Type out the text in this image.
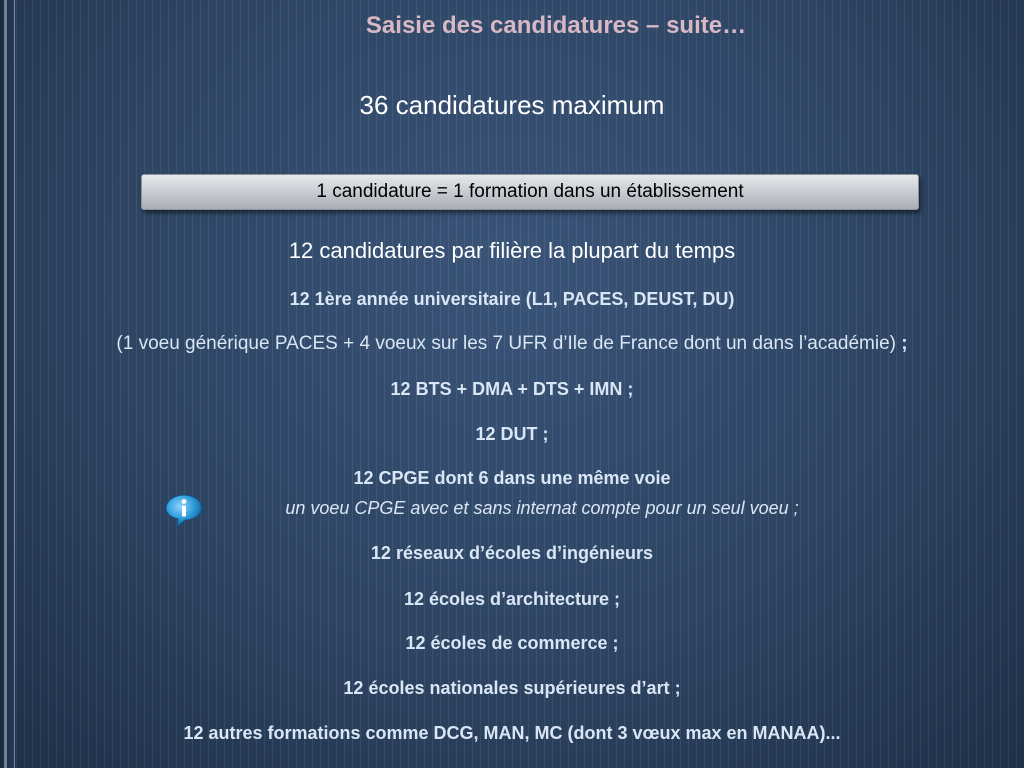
Saisie des candidatures – suite…
36 candidatures maximum
1 candidature = 1 formation dans un établissement
12 candidatures par filière la plupart du temps
12 1ère année universitaire (L1, PACES, DEUST, DU)
(1 voeu générique PACES + 4 voeux sur les 7 UFR d’Ile de France dont un dans l’académie) ;
12 BTS + DMA + DTS + IMN ;
12 DUT ;
12 CPGE dont 6 dans une même voie
un voeu CPGE avec et sans internat compte pour un seul voeu ;
12 réseaux d’écoles d’ingénieurs
12 écoles d’architecture ;
12 écoles de commerce ;
12 écoles nationales supérieures d’art ;
12 autres formations comme DCG, MAN, MC (dont 3 vœux max en MANAA)...
